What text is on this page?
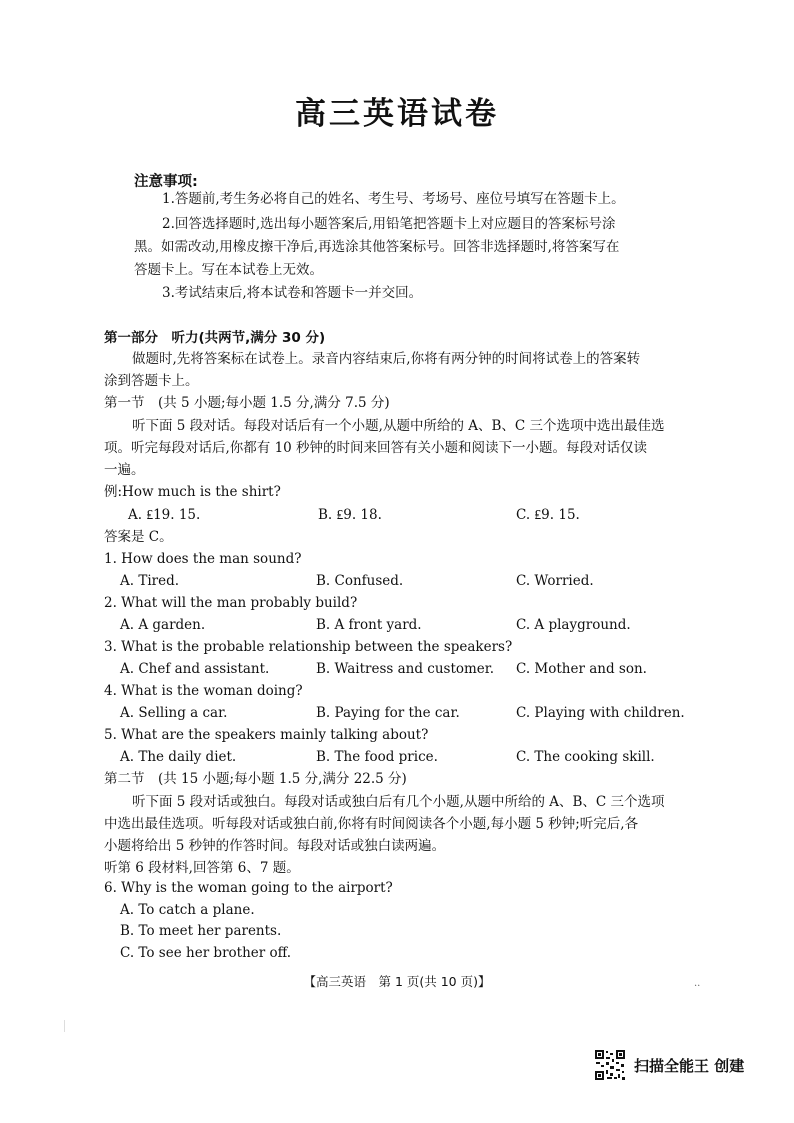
高三英语试卷
注意事项:
1.答题前,考生务必将自己的姓名、考生号、考场号、座位号填写在答题卡上。
2.回答选择题时,选出每小题答案后,用铅笔把答题卡上对应题目的答案标号涂
黑。如需改动,用橡皮擦干净后,再选涂其他答案标号。回答非选择题时,将答案写在
答题卡上。写在本试卷上无效。
3.考试结束后,将本试卷和答题卡一并交回。
第一部分　听力(共两节,满分 30 分)
做题时,先将答案标在试卷上。录音内容结束后,你将有两分钟的时间将试卷上的答案转
涂到答题卡上。
第一节　(共 5 小题;每小题 1.5 分,满分 7.5 分)
听下面 5 段对话。每段对话后有一个小题,从题中所给的 A、B、C 三个选项中选出最佳选
项。听完每段对话后,你都有 10 秒钟的时间来回答有关小题和阅读下一小题。每段对话仅读
一遍。
例:How much is the shirt?
A. ₤19. 15.	B. ₤9. 18.	C. ₤9. 15.
答案是 C。
1. How does the man sound?
A. Tired.	B. Confused.	C. Worried.
2. What will the man probably build?
A. A garden.	B. A front yard.	C. A playground.
3. What is the probable relationship between the speakers?
A. Chef and assistant.	B. Waitress and customer. C. Mother and son.
4. What is the woman doing?
A. Selling a car.	B. Paying for the car.	C. Playing with children.
5. What are the speakers mainly talking about?
A. The daily diet.	B. The food price.	C. The cooking skill.
第二节　(共 15 小题;每小题 1.5 分,满分 22.5 分)
听下面 5 段对话或独白。每段对话或独白后有几个小题,从题中所给的 A、B、C 三个选项
中选出最佳选项。听每段对话或独白前,你将有时间阅读各个小题,每小题 5 秒钟;听完后,各
小题将给出 5 秒钟的作答时间。每段对话或独白读两遍。
听第 6 段材料,回答第 6、7 题。
6. Why is the woman going to the airport?
A. To catch a plane.
B. To meet her parents.
C. To see her brother off.
【高三英语　第 1 页(共 10 页)】	..
扫描全能王 创建
